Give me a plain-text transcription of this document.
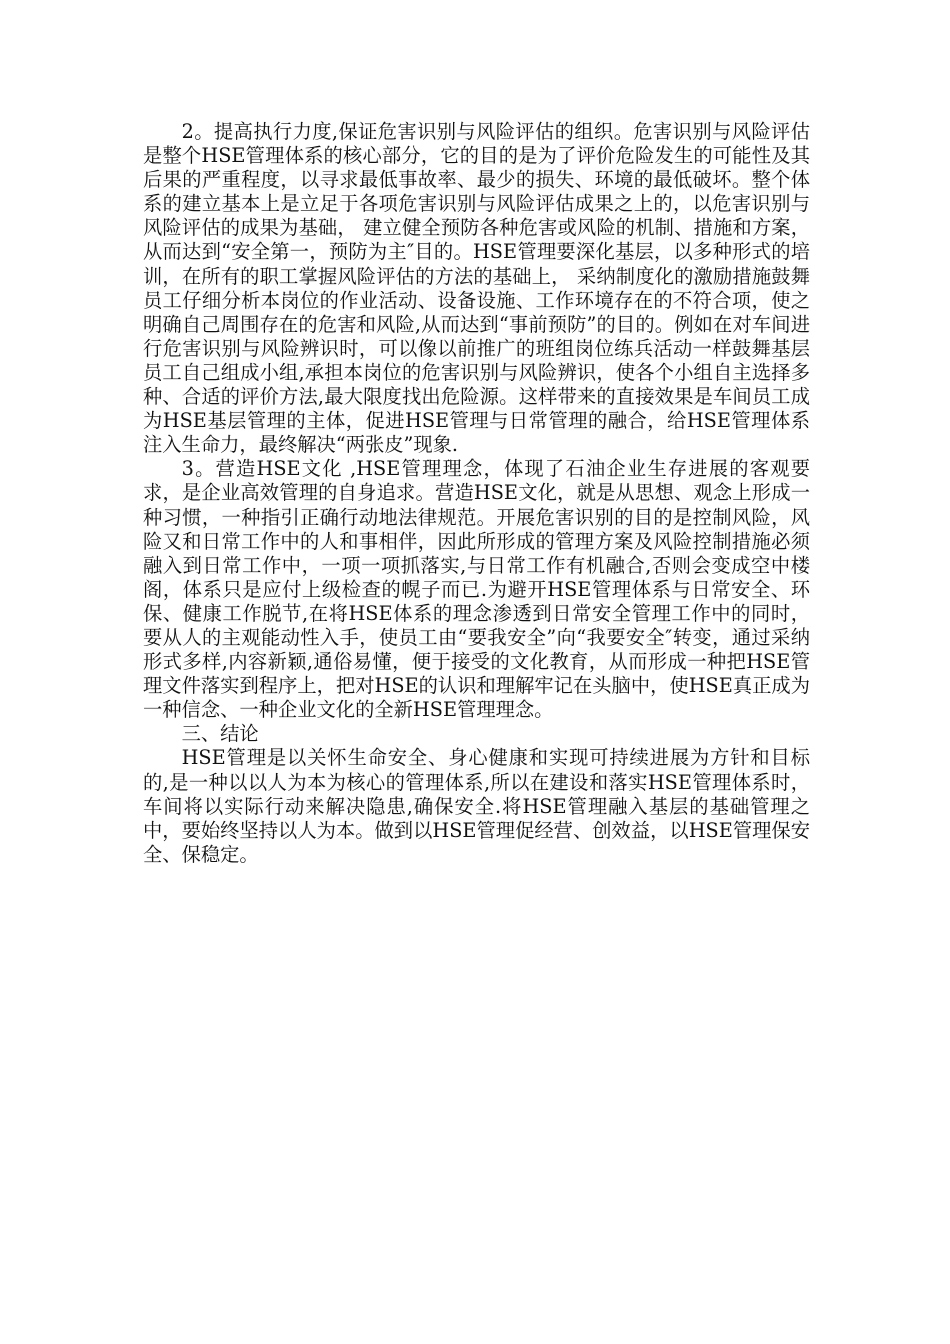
2。提高执行力度,保证危害识别与风险评估的组织。危害识别与风险评估是整个HSE管理体系的核心部分，它的目的是为了评价危险发生的可能性及其后果的严重程度，以寻求最低事故率、最少的损失、环境的最低破坏。整个体系的建立基本上是立足于各项危害识别与风险评估成果之上的，以危害识别与风险评估的成果为基础， 建立健全预防各种危害或风险的机制、措施和方案，从而达到“安全第一，预防为主″目的。HSE管理要深化基层，以多种形式的培训，在所有的职工掌握风险评估的方法的基础上， 采纳制度化的激励措施鼓舞员工仔细分析本岗位的作业活动、设备设施、工作环境存在的不符合项，使之明确自己周围存在的危害和风险,从而达到“事前预防”的目的。例如在对车间进行危害识别与风险辨识时，可以像以前推广的班组岗位练兵活动一样鼓舞基层员工自己组成小组,承担本岗位的危害识别与风险辨识，使各个小组自主选择多种、合适的评价方法,最大限度找出危险源。这样带来的直接效果是车间员工成为HSE基层管理的主体，促进HSE管理与日常管理的融合，给HSE管理体系注入生命力，最终解决“两张皮”现象.

3。营造HSE文化 ,HSE管理理念，体现了石油企业生存进展的客观要求，是企业高效管理的自身追求。营造HSE文化，就是从思想、观念上形成一种习惯，一种指引正确行动地法律规范。开展危害识别的目的是控制风险，风险又和日常工作中的人和事相伴，因此所形成的管理方案及风险控制措施必须融入到日常工作中，一项一项抓落实,与日常工作有机融合,否则会变成空中楼阁，体系只是应付上级检查的幌子而已.为避开HSE管理体系与日常安全、环保、健康工作脱节,在将HSE体系的理念渗透到日常安全管理工作中的同时，要从人的主观能动性入手，使员工由“要我安全”向“我要安全″转变，通过采纳形式多样,内容新颖,通俗易懂，便于接受的文化教育，从而形成一种把HSE管理文件落实到程序上，把对HSE的认识和理解牢记在头脑中，使HSE真正成为一种信念、一种企业文化的全新HSE管理理念。

三、结论

HSE管理是以关怀生命安全、身心健康和实现可持续进展为方针和目标的,是一种以以人为本为核心的管理体系,所以在建设和落实HSE管理体系时，车间将以实际行动来解决隐患,确保安全.将HSE管理融入基层的基础管理之中，要始终坚持以人为本。做到以HSE管理促经营、创效益，以HSE管理保安全、保稳定。
